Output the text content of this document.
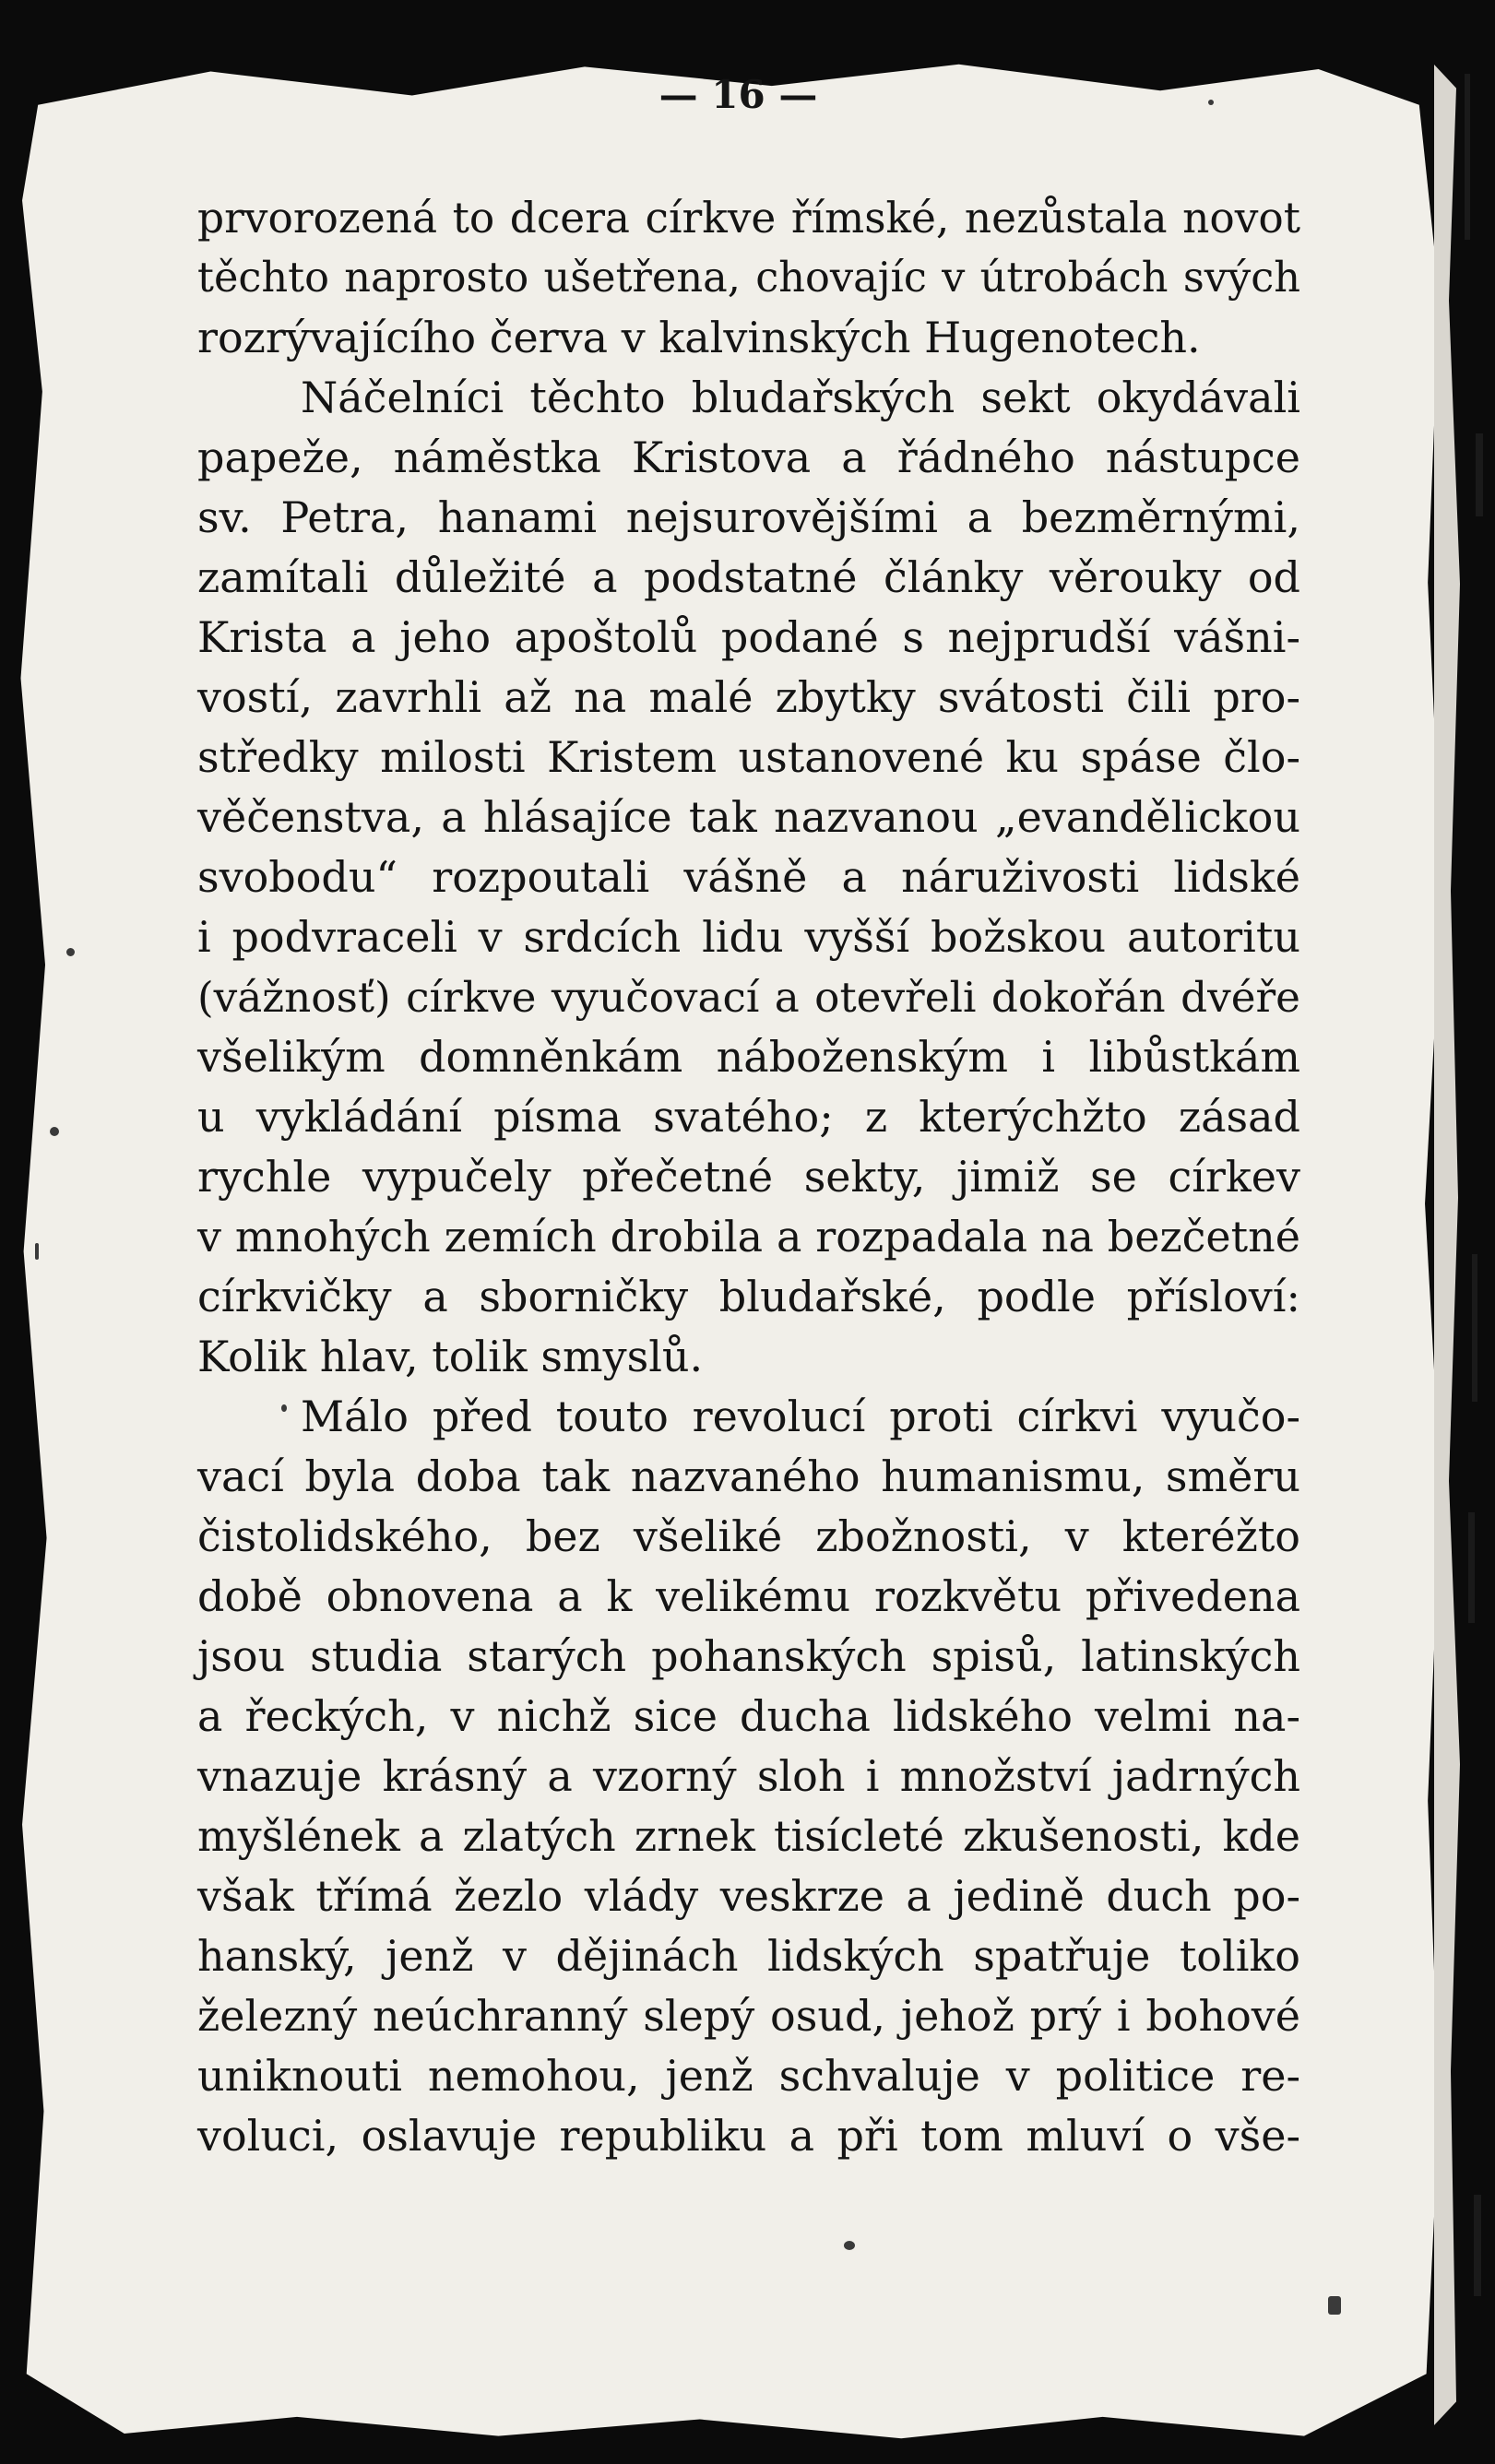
— 16 —
prvorozená to dcera církve římské, nezůstala novot
těchto naprosto ušetřena, chovajíc v útrobách svých
rozrývajícího červa v kalvinských Hugenotech.
Náčelníci těchto bludařských sekt okydávali
papeže, náměstka Kristova a řádného nástupce
sv. Petra, hanami nejsurovějšími a bezměrnými,
zamítali důležité a podstatné články věrouky od
Krista a jeho apoštolů podané s nejprudší vášni-
vostí, zavrhli až na malé zbytky svátosti čili pro-
středky milosti Kristem ustanovené ku spáse člo-
věčenstva, a hlásajíce tak nazvanou „evandělickou
svobodu“ rozpoutali vášně a náruživosti lidské
i podvraceli v srdcích lidu vyšší božskou autoritu
(vážnosť) církve vyučovací a otevřeli dokořán dvéře
všelikým domněnkám náboženským i libůstkám
u vykládání písma svatého; z kterýchžto zásad
rychle vypučely přečetné sekty, jimiž se církev
v mnohých zemích drobila a rozpadala na bezčetné
církvičky a sborničky bludařské, podle přísloví:
Kolik hlav, tolik smyslů.
Málo před touto revolucí proti církvi vyučo-
vací byla doba tak nazvaného humanismu, směru
čistolidského, bez všeliké zbožnosti, v kteréžto
době obnovena a k velikému rozkvětu přivedena
jsou studia starých pohanských spisů, latinských
a řeckých, v nichž sice ducha lidského velmi na-
vnazuje krásný a vzorný sloh i množství jadrných
myšlének a zlatých zrnek tisícleté zkušenosti, kde
však třímá žezlo vlády veskrze a jedině duch po-
hanský, jenž v dějinách lidských spatřuje toliko
železný neúchranný slepý osud, jehož prý i bohové
uniknouti nemohou, jenž schvaluje v politice re-
voluci, oslavuje republiku a při tom mluví o vše-
